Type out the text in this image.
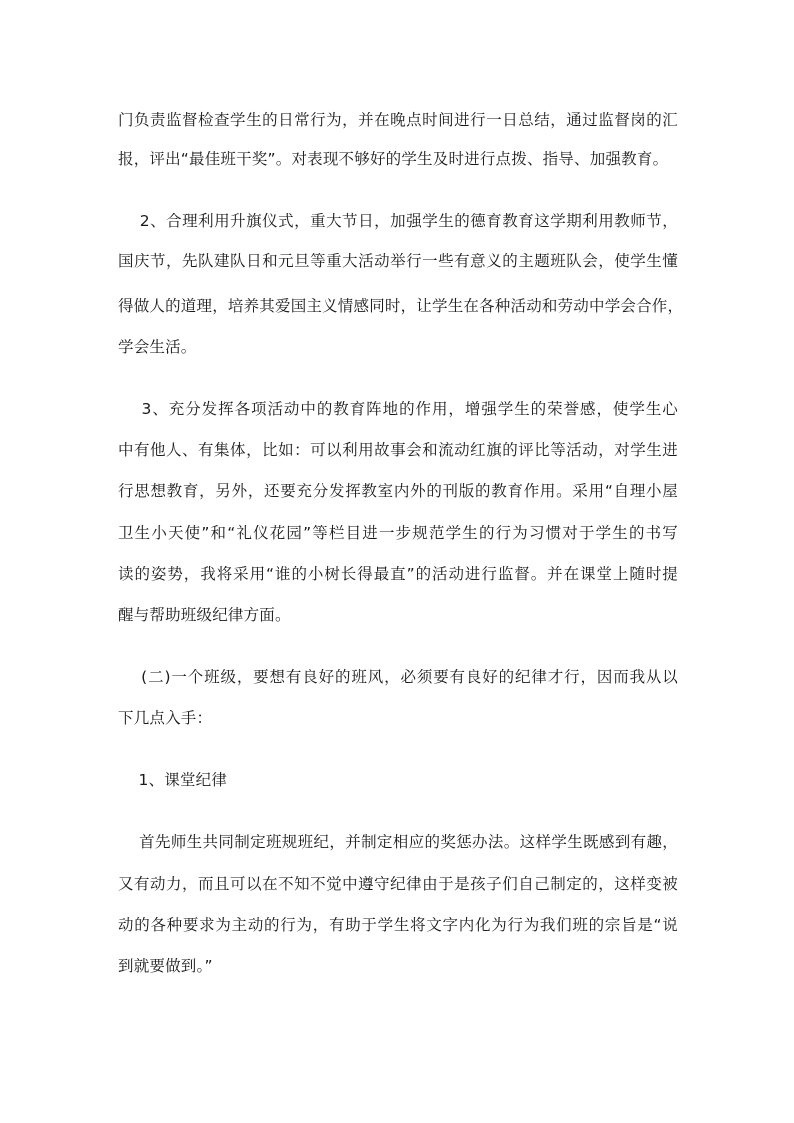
门负责监督检查学生的日常行为，并在晚点时间进行一日总结，通过监督岗的汇
报，评出“最佳班干奖”。对表现不够好的学生及时进行点拨、指导、加强教育。
2、合理利用升旗仪式，重大节日，加强学生的德育教育这学期利用教师节，
国庆节，先队建队日和元旦等重大活动举行一些有意义的主题班队会，使学生懂
得做人的道理，培养其爱国主义情感同时，让学生在各种活动和劳动中学会合作，
学会生活。
3、充分发挥各项活动中的教育阵地的作用，增强学生的荣誉感，使学生心
中有他人、有集体，比如：可以利用故事会和流动红旗的评比等活动，对学生进
行思想教育，另外，还要充分发挥教室内外的刊版的教育作用。采用“自理小屋
卫生小天使”和“礼仪花园”等栏目进一步规范学生的行为习惯对于学生的书写
读的姿势，我将采用“谁的小树长得最直”的活动进行监督。并在课堂上随时提
醒与帮助班级纪律方面。
(二)一个班级，要想有良好的班风，必须要有良好的纪律才行，因而我从以
下几点入手：
1、课堂纪律
首先师生共同制定班规班纪，并制定相应的奖惩办法。这样学生既感到有趣，
又有动力，而且可以在不知不觉中遵守纪律由于是孩子们自己制定的，这样变被
动的各种要求为主动的行为，有助于学生将文字内化为行为我们班的宗旨是“说
到就要做到。”
